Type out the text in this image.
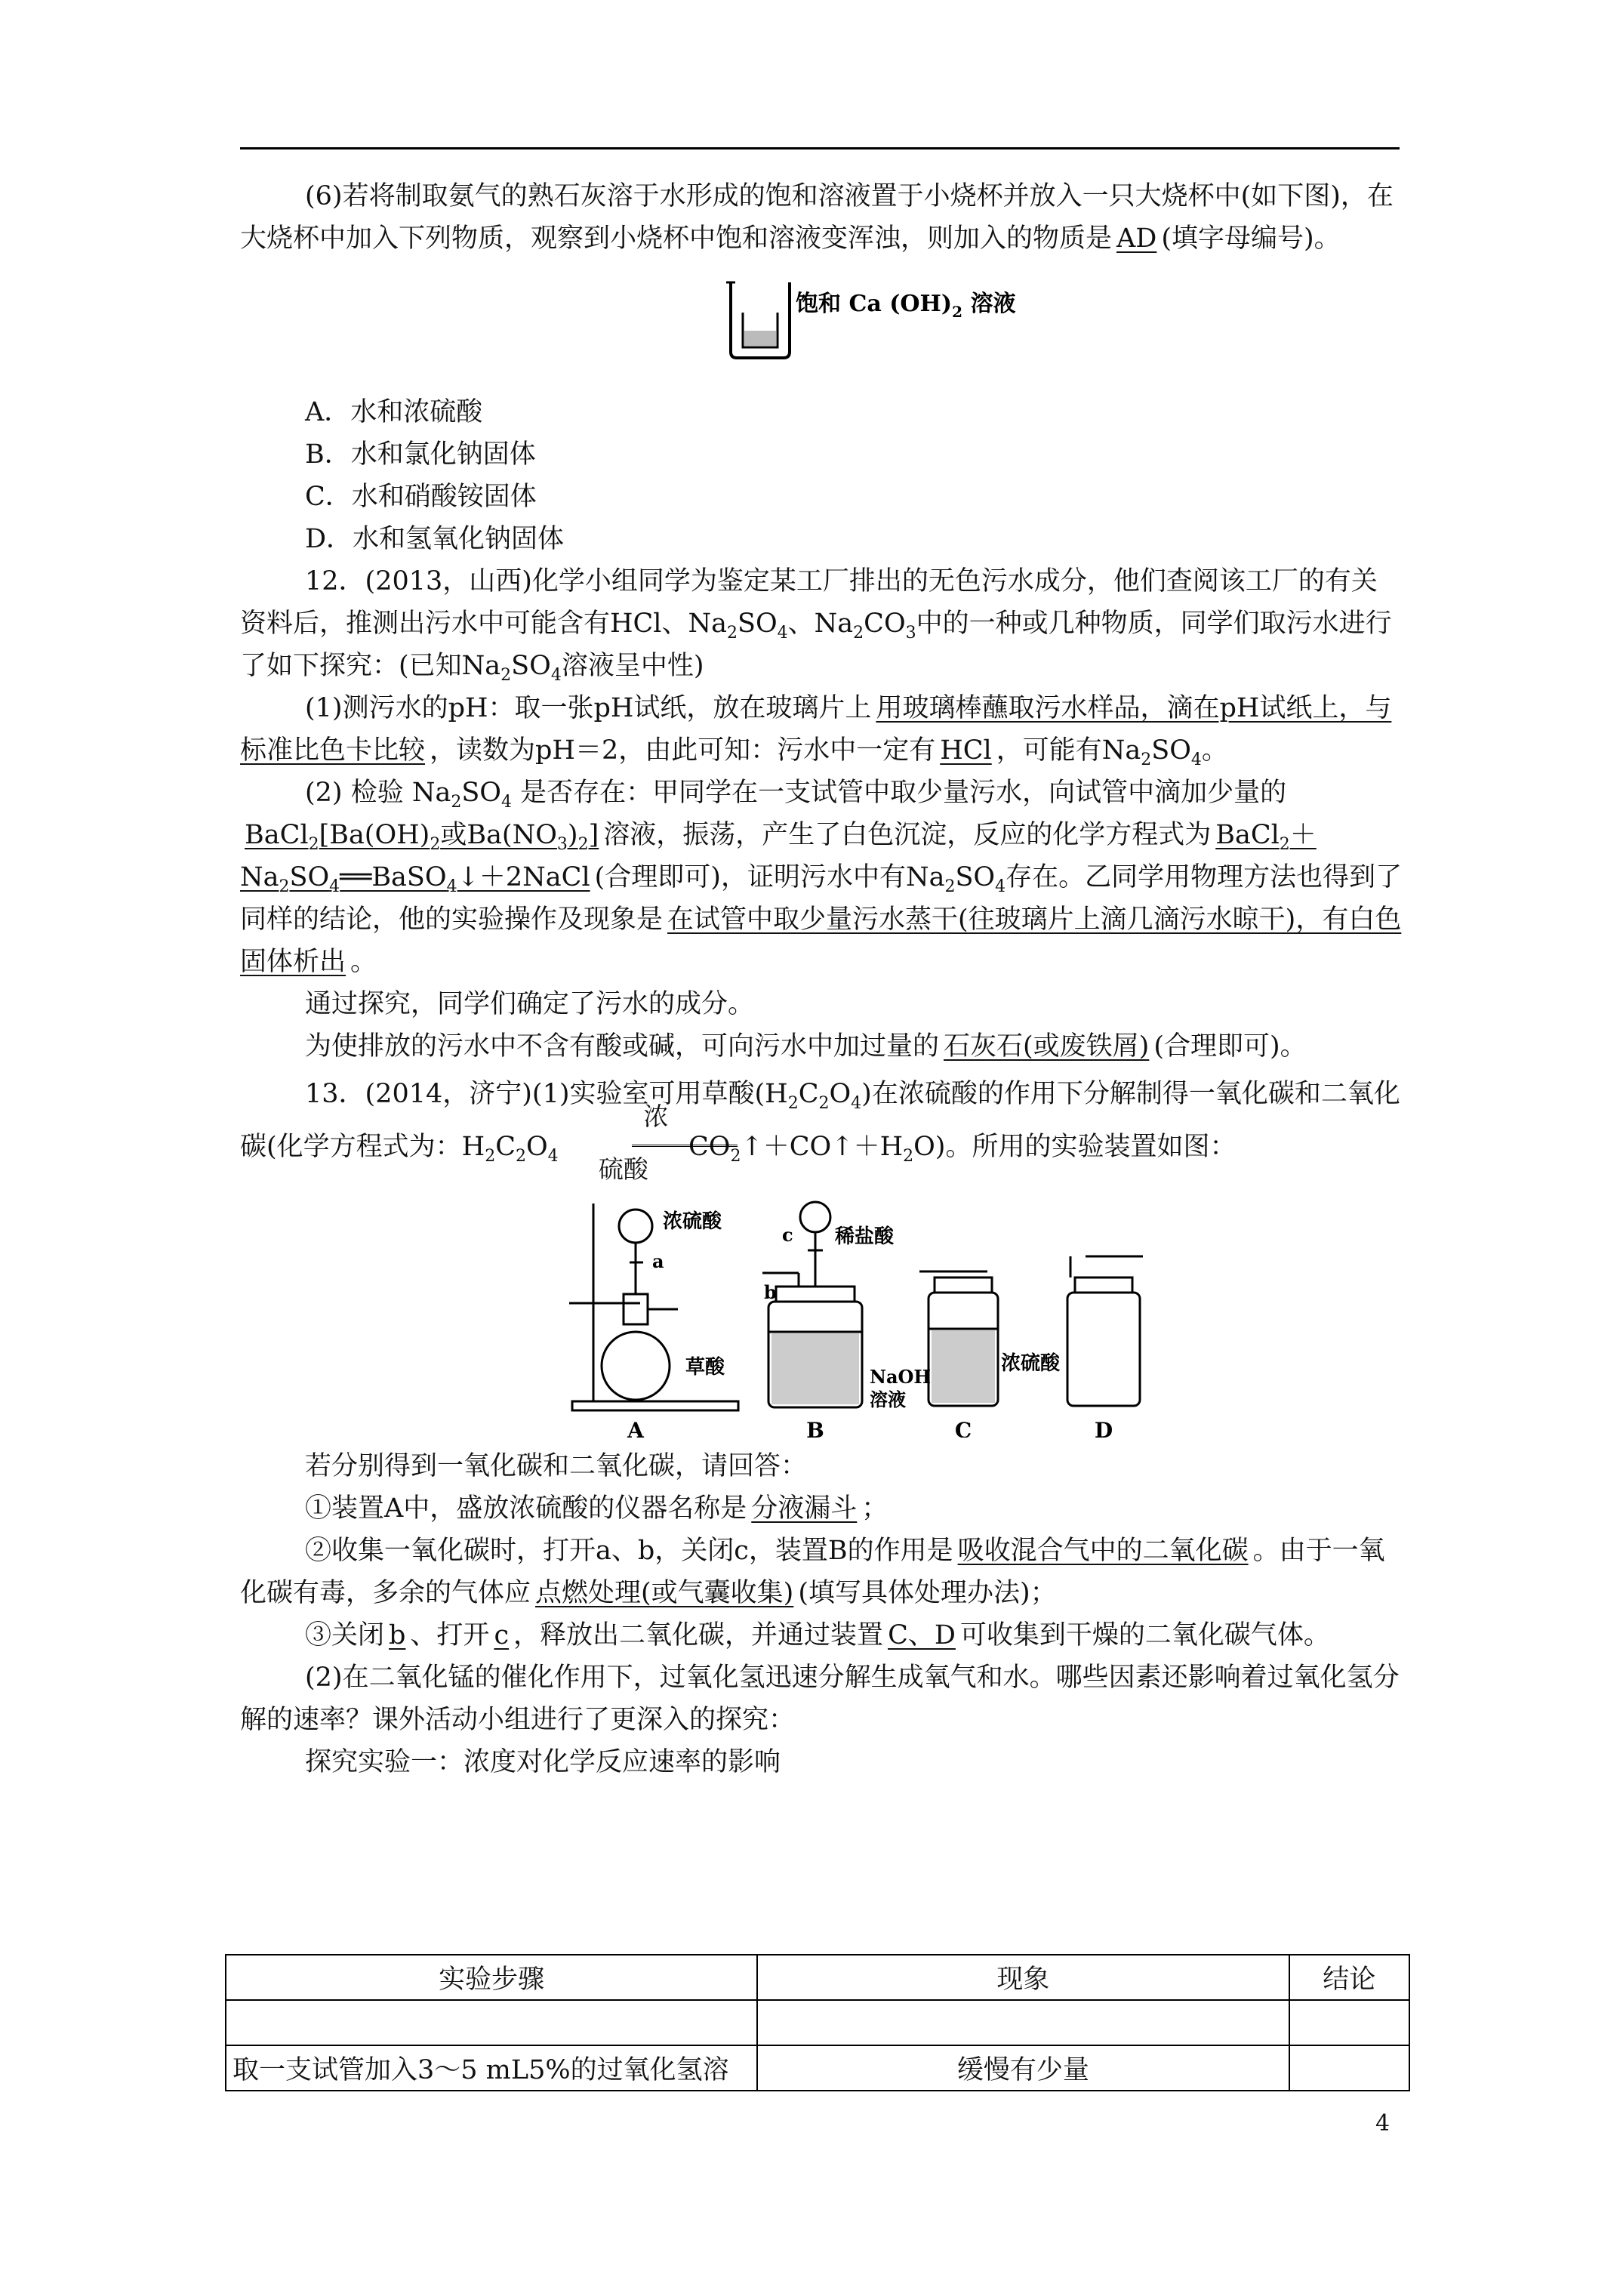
(6)若将制取氨气的熟石灰溶于水形成的饱和溶液置于小烧杯并放入一只大烧杯中(如下图)，在大烧杯中加入下列物质，观察到小烧杯中饱和溶液变浑浊，则加入的物质是 AD (填字母编号)。

饱和 Ca $(OH)_2$ 溶液

A．水和浓硫酸

B．水和氯化钠固体

C．水和硝酸铵固体

D．水和氢氧化钠固体

12．(2013，山西)化学小组同学为鉴定某工厂排出的无色污水成分，他们查阅该工厂的有关资料后，推测出污水中可能含有HCl、$Na_2SO_4$、$Na_2CO_3$中的一种或几种物质，同学们取污水进行了如下探究：(已知$Na_2SO_4$溶液呈中性)

(1)测污水的pH：取一张pH试纸，放在玻璃片上 用玻璃棒蘸取污水样品，滴在pH试纸上，与标准比色卡比较 ，读数为pH＝2，由此可知：污水中一定有 HCl ，可能有$Na_2SO_4$。

(2) 检验 $Na_2SO_4$ 是否存在：甲同学在一支试管中取少量污水，向试管中滴加少量的$BaCl_2[Ba(OH)_2$或$Ba(NO_3)_2$] 溶液，振荡，产生了白色沉淀，反应的化学方程式为 $BaCl_2+Na_2SO_4══BaSO_4↓+2NaCl$ (合理即可)，证明污水中有$Na_2SO_4$存在。乙同学用物理方法也得到了同样的结论，他的实验操作及现象是 在试管中取少量污水蒸干(往玻璃片上滴几滴污水晾干)，有白色固体析出 。

通过探究，同学们确定了污水的成分。

为使排放的污水中不含有酸或碱，可向污水中加过量的 石灰石(或废铁屑) (合理即可)。

13．(2014，济宁)(1)实验室可用草酸$(H_2C_2O_4)$在浓硫酸的作用下分解制得一氧化碳和二氧化碳(化学方程式为：$H_2C_2O_4$
浓硫酸
$CO_2↑+CO↑+H_2O$)。所用的实验装置如图：

浓硫酸
a
草酸
A
c 稀盐酸
b
NaOH
溶液
B
浓硫酸
C	D

若分别得到一氧化碳和二氧化碳，请回答：

①装置A中，盛放浓硫酸的仪器名称是 分液漏斗 ；

②收集一氧化碳时，打开a、b，关闭c，装置B的作用是 吸收混合气中的二氧化碳 。由于一氧化碳有毒，多余的气体应 点燃处理(或气囊收集) (填写具体处理办法)；

③关闭 b 、打开 c ，释放出二氧化碳，并通过装置 C、D 可收集到干燥的二氧化碳气体。

(2)在二氧化锰的催化作用下，过氧化氢迅速分解生成氧气和水。哪些因素还影响着过氧化氢分解的速率？课外活动小组进行了更深入的探究：

探究实验一：浓度对化学反应速率的影响

实验步骤	现象	结论

取一支试管加入3～5 mL5%的过氧化氢溶	缓慢有少量	
4
